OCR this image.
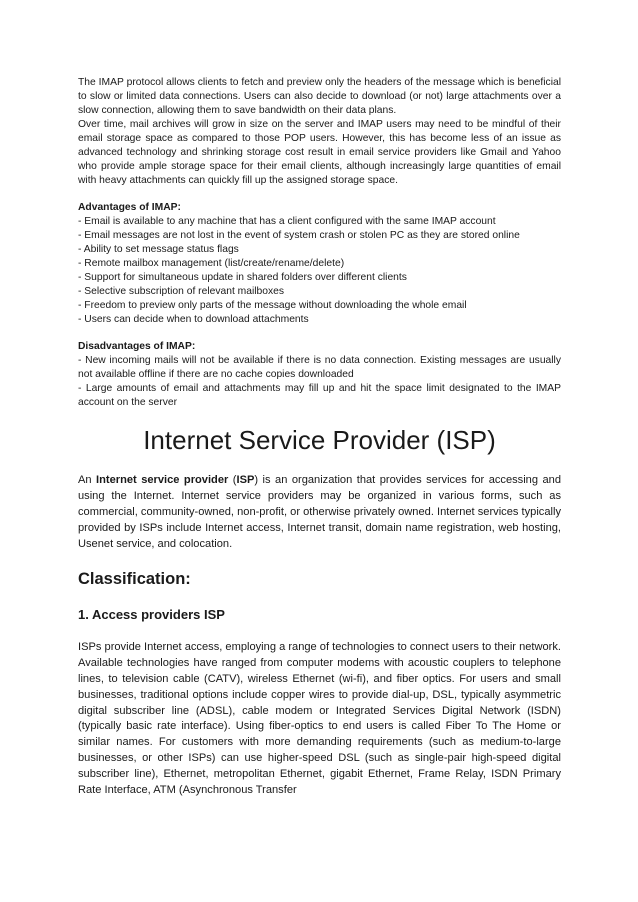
The IMAP protocol allows clients to fetch and preview only the headers of the message which is beneficial to slow or limited data connections. Users can also decide to download (or not) large attachments over a slow connection, allowing them to save bandwidth on their data plans.

Over time, mail archives will grow in size on the server and IMAP users may need to be mindful of their email storage space as compared to those POP users. However, this has become less of an issue as advanced technology and shrinking storage cost result in email service providers like Gmail and Yahoo who provide ample storage space for their email clients, although increasingly large quantities of email with heavy attachments can quickly fill up the assigned storage space.

Advantages of IMAP:

- Email is available to any machine that has a client configured with the same IMAP account
- Email messages are not lost in the event of system crash or stolen PC as they are stored online
- Ability to set message status flags
- Remote mailbox management (list/create/rename/delete)
- Support for simultaneous update in shared folders over different clients
- Selective subscription of relevant mailboxes
- Freedom to preview only parts of the message without downloading the whole email
- Users can decide when to download attachments

Disadvantages of IMAP:

- New incoming mails will not be available if there is no data connection. Existing messages are usually not available offline if there are no cache copies downloaded

- Large amounts of email and attachments may fill up and hit the space limit designated to the IMAP account on the server

Internet Service Provider (ISP)

An Internet service provider (ISP) is an organization that provides services for accessing and using the Internet. Internet service providers may be organized in various forms, such as commercial, community-owned, non-profit, or otherwise privately owned. Internet services typically provided by ISPs include Internet access, Internet transit, domain name registration, web hosting, Usenet service, and colocation.

Classification:
1. Access providers ISP

ISPs provide Internet access, employing a range of technologies to connect users to their network. Available technologies have ranged from computer modems with acoustic couplers to telephone lines, to television cable (CATV), wireless Ethernet (wi-fi), and fiber optics. For users and small businesses, traditional options include copper wires to provide dial-up, DSL, typically asymmetric digital subscriber line (ADSL), cable modem or Integrated Services Digital Network (ISDN) (typically basic rate interface). Using fiber-optics to end users is called Fiber To The Home or similar names. For customers with more demanding requirements (such as medium-to-large businesses, or other ISPs) can use higher-speed DSL (such as single-pair high-speed digital subscriber line), Ethernet, metropolitan Ethernet, gigabit Ethernet, Frame Relay, ISDN Primary Rate Interface, ATM (Asynchronous Transfer
